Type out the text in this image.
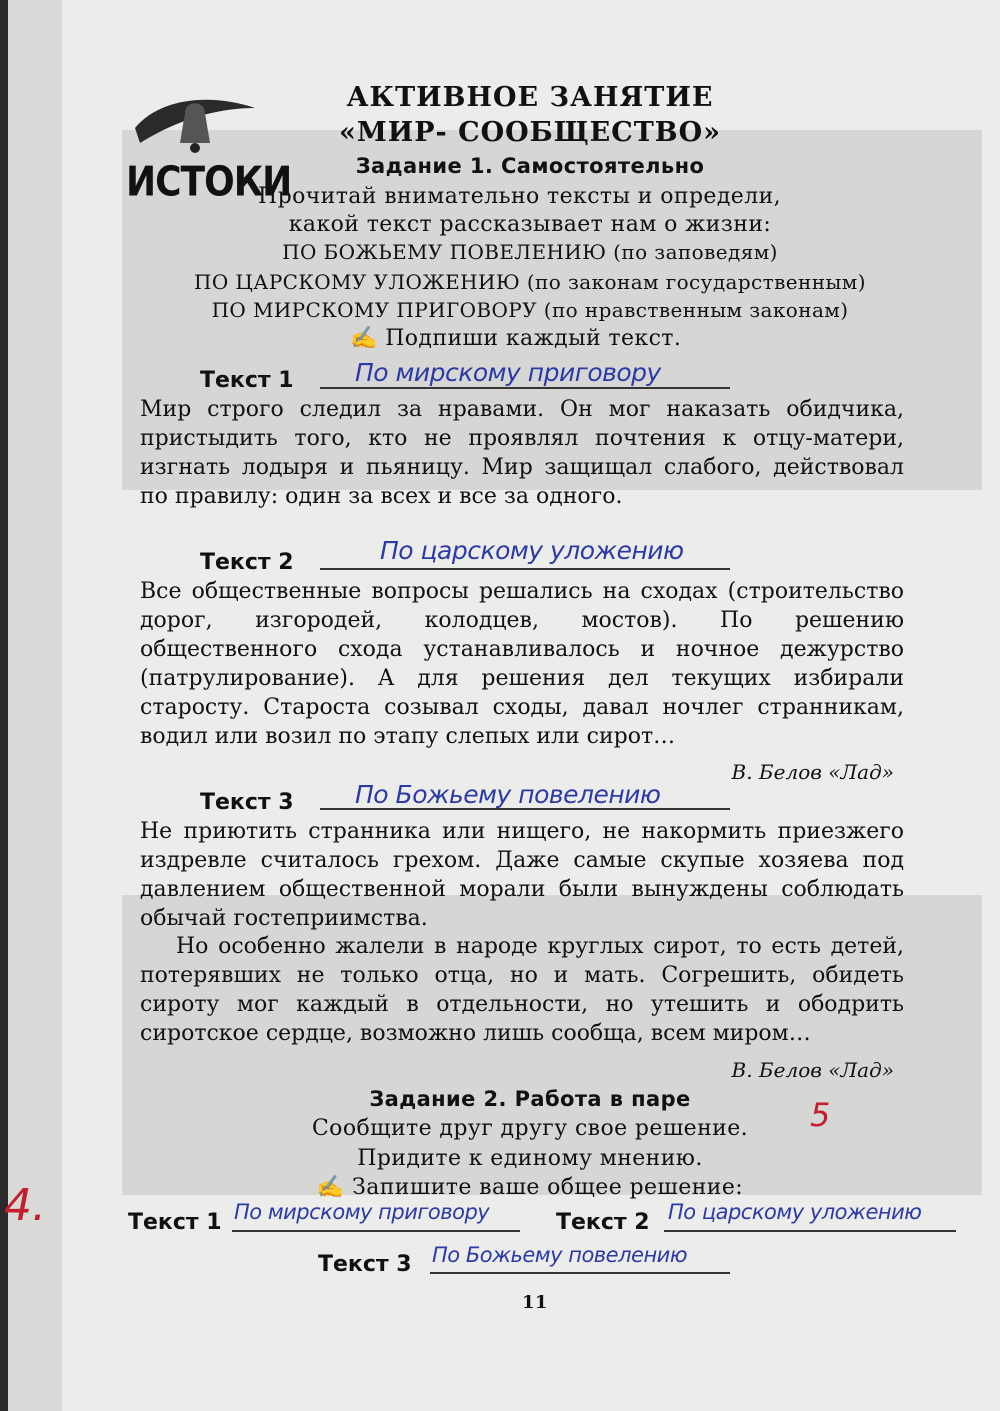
ИСТОКИ
АКТИВНОЕ ЗАНЯТИЕ
«МИР- СООБЩЕСТВО»
Задание 1. Самостоятельно
Прочитай внимательно тексты и определи,
какой текст рассказывает нам о жизни:
ПО БОЖЬЕМУ ПОВЕЛЕНИЮ (по заповедям)
ПО ЦАРСКОМУ УЛОЖЕНИЮ (по законам государственным)
ПО МИРСКОМУ ПРИГОВОРУ (по нравственным законам)
✍ Подпиши каждый текст.
Текст 1 По мирскому приговору
Мир строго следил за нравами. Он мог наказать обидчика, пристыдить того, кто не проявлял почтения к отцу-матери, изгнать лодыря и пьяницу. Мир защищал слабого, действовал по правилу: один за всех и все за одного.
Текст 2	По царскому уложению
Все общественные вопросы решались на сходах (строительство дорог, изгородей, колодцев, мостов). По решению общественного схода устанавливалось и ночное дежурство (патрулирование). А для решения дел текущих избирали старосту. Староста созывал сходы, давал ночлег странникам, водил или возил по этапу слепых или сирот…
В. Белов «Лад»
Текст 3 По Божьему повелению
Не приютить странника или нищего, не накормить приезжего издревле считалось грехом. Даже самые скупые хозяева под давлением общественной морали были вынуждены соблюдать обычай гостеприимства.
Но особенно жалели в народе круглых сирот, то есть детей, потерявших не только отца, но и мать. Согрешить, обидеть сироту мог каждый в отдельности, но утешить и ободрить сиротское сердце, возможно лишь сообща, всем миром…
В. Белов «Лад»
Задание 2. Работа в паре
Сообщите друг другу свое решение.
Придите к единому мнению.
✍ Запишите ваше общее решение:
5
4.	Текст 1 По мирскому приговору	Текст 2 По царскому уложению
Текст 3 По Божьему повелению
11
